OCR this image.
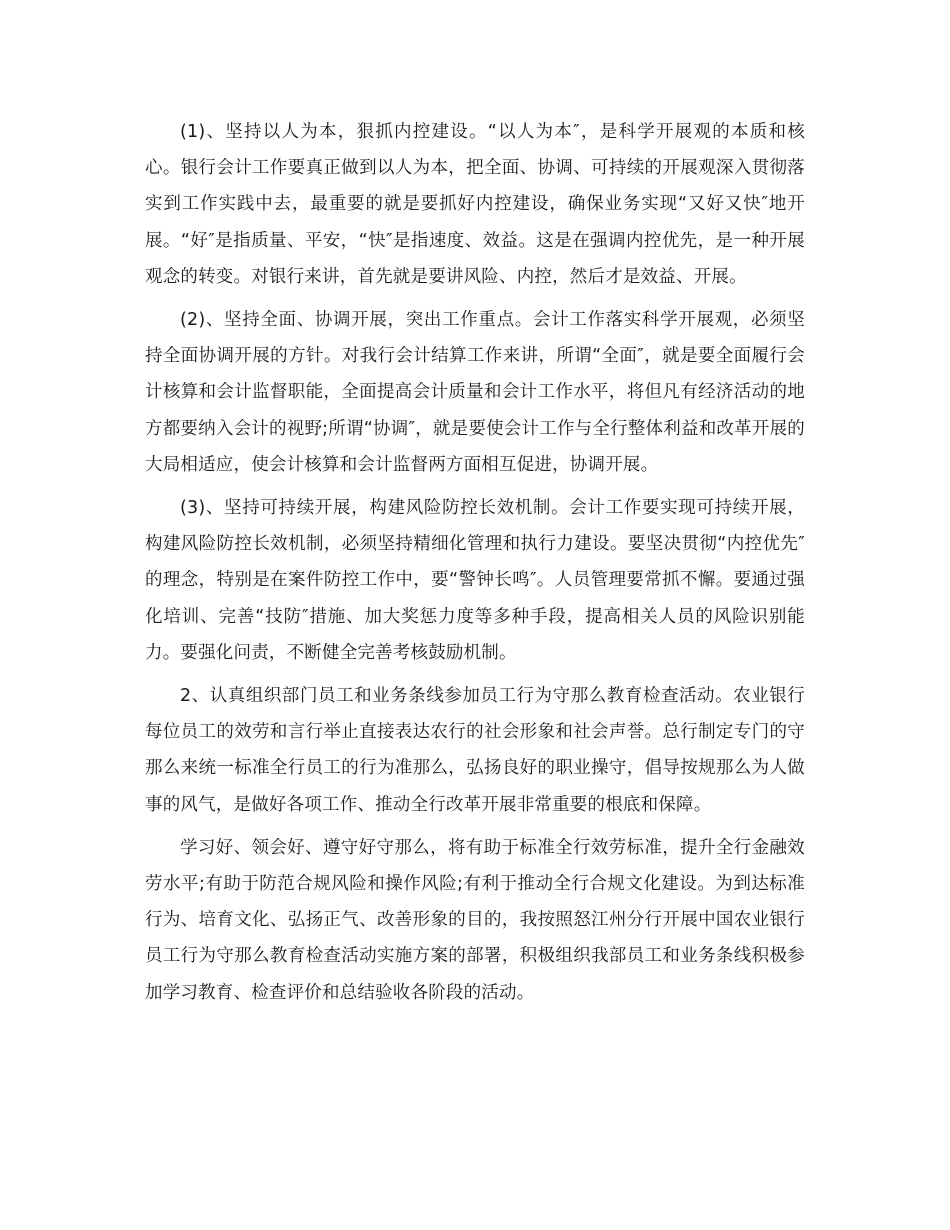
(1)、坚持以人为本，狠抓内控建设。“以人为本″，是科学开展观的本质和核心。银行会计工作要真正做到以人为本，把全面、协调、可持续的开展观深入贯彻落实到工作实践中去，最重要的就是要抓好内控建设，确保业务实现“又好又快″地开展。“好″是指质量、平安，“快″是指速度、效益。这是在强调内控优先，是一种开展观念的转变。对银行来讲，首先就是要讲风险、内控，然后才是效益、开展。

(2)、坚持全面、协调开展，突出工作重点。会计工作落实科学开展观，必须坚持全面协调开展的方针。对我行会计结算工作来讲，所谓“全面″，就是要全面履行会计核算和会计监督职能，全面提高会计质量和会计工作水平，将但凡有经济活动的地方都要纳入会计的视野;所谓“协调″，就是要使会计工作与全行整体利益和改革开展的大局相适应，使会计核算和会计监督两方面相互促进，协调开展。

(3)、坚持可持续开展，构建风险防控长效机制。会计工作要实现可持续开展，构建风险防控长效机制，必须坚持精细化管理和执行力建设。要坚决贯彻“内控优先″的理念，特别是在案件防控工作中，要“警钟长鸣″。人员管理要常抓不懈。要通过强化培训、完善“技防″措施、加大奖惩力度等多种手段，提高相关人员的风险识别能力。要强化问责，不断健全完善考核鼓励机制。

2、认真组织部门员工和业务条线参加员工行为守那么教育检查活动。农业银行每位员工的效劳和言行举止直接表达农行的社会形象和社会声誉。总行制定专门的守那么来统一标准全行员工的行为准那么，弘扬良好的职业操守，倡导按规那么为人做事的风气，是做好各项工作、推动全行改革开展非常重要的根底和保障。

学习好、领会好、遵守好守那么，将有助于标准全行效劳标准，提升全行金融效劳水平;有助于防范合规风险和操作风险;有利于推动全行合规文化建设。为到达标准行为、培育文化、弘扬正气、改善形象的目的，我按照怒江州分行开展中国农业银行员工行为守那么教育检查活动实施方案的部署，积极组织我部员工和业务条线积极参加学习教育、检查评价和总结验收各阶段的活动。
